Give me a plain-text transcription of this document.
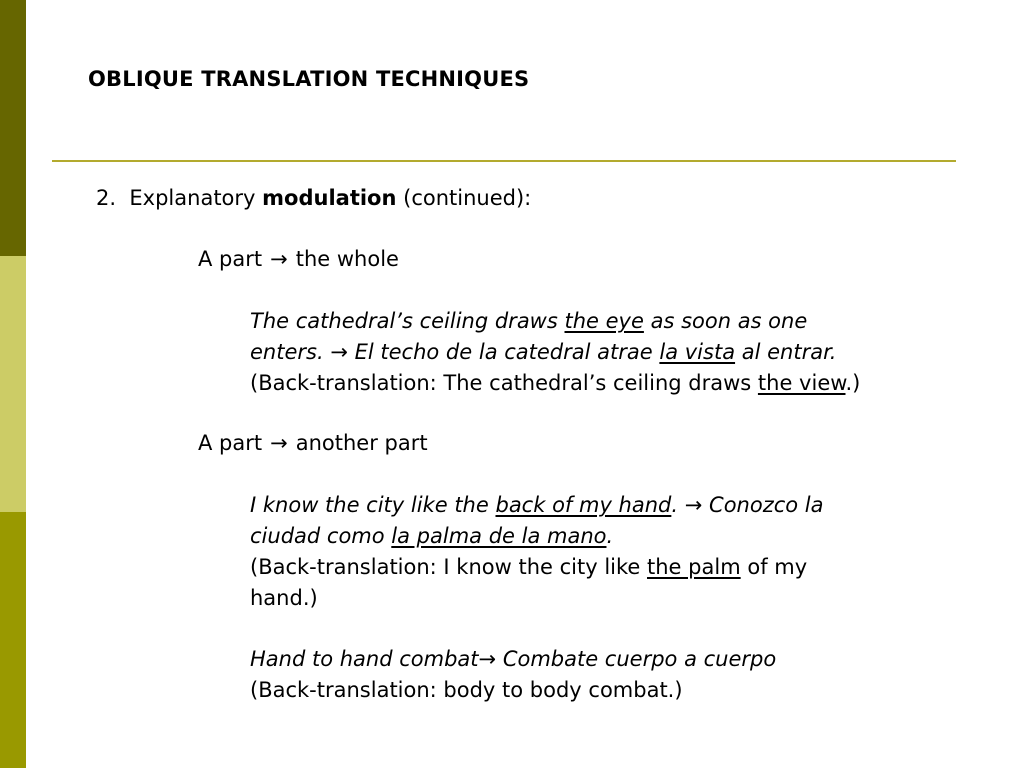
OBLIQUE TRANSLATION TECHNIQUES
2. Explanatory modulation (continued):
A part → the whole
The cathedral’s ceiling draws the eye as soon as one
enters. → El techo de la catedral atrae la vista al entrar.
(Back-translation: The cathedral’s ceiling draws the view.)
A part → another part
I know the city like the back of my hand. → Conozco la
ciudad como la palma de la mano.
(Back-translation: I know the city like the palm of my
hand.)
Hand to hand combat→ Combate cuerpo a cuerpo
(Back-translation: body to body combat.)
